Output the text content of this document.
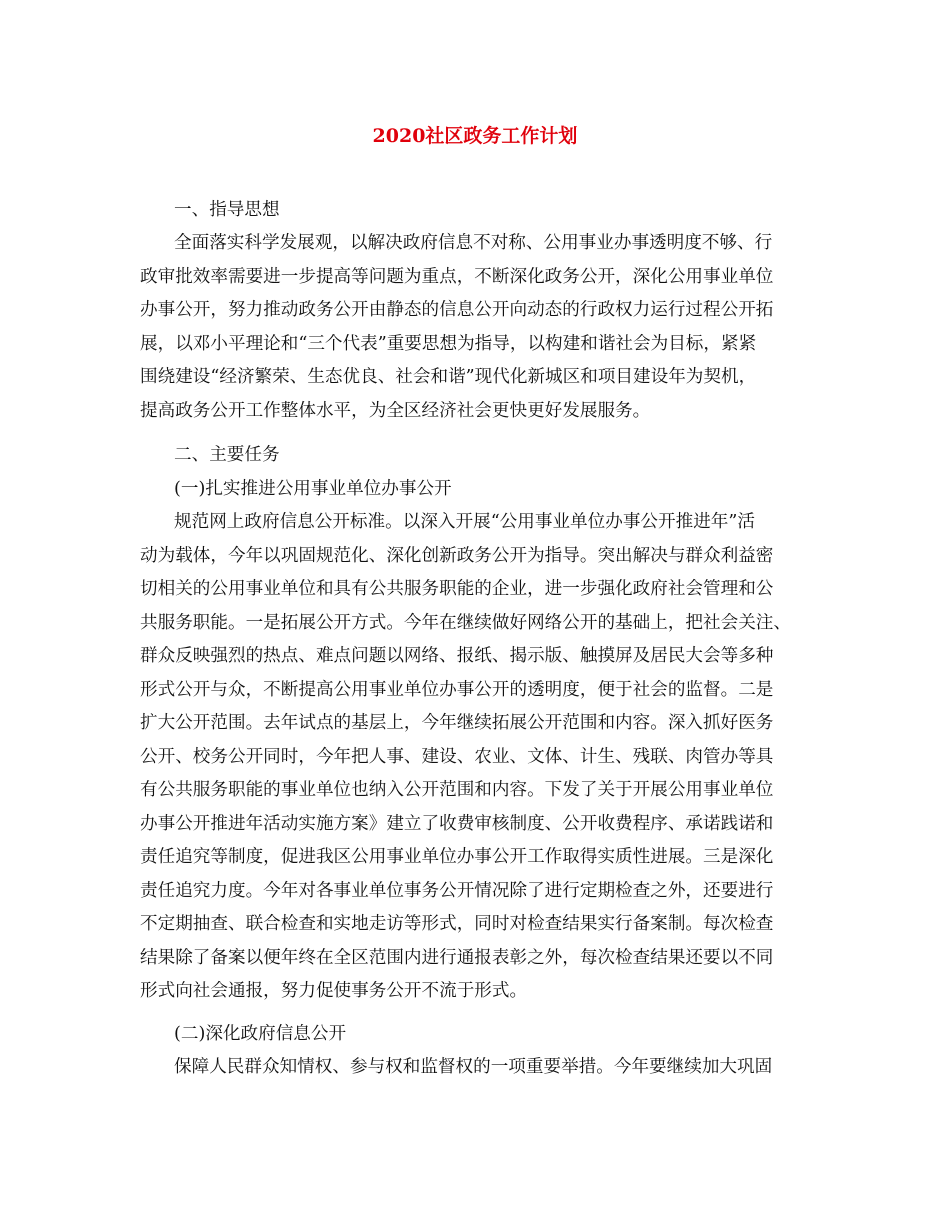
2020社区政务工作计划

一、指导思想

全面落实科学发展观，以解决政府信息不对称、公用事业办事透明度不够、行

政审批效率需要进一步提高等问题为重点，不断深化政务公开，深化公用事业单位

办事公开，努力推动政务公开由静态的信息公开向动态的行政权力运行过程公开拓

展，以邓小平理论和“三个代表”重要思想为指导，以构建和谐社会为目标，紧紧

围绕建设“经济繁荣、生态优良、社会和谐”现代化新城区和项目建设年为契机，

提高政务公开工作整体水平，为全区经济社会更快更好发展服务。

二、主要任务

(一)扎实推进公用事业单位办事公开

规范网上政府信息公开标准。以深入开展“公用事业单位办事公开推进年”活

动为载体，今年以巩固规范化、深化创新政务公开为指导。突出解决与群众利益密

切相关的公用事业单位和具有公共服务职能的企业，进一步强化政府社会管理和公

共服务职能。一是拓展公开方式。今年在继续做好网络公开的基础上，把社会关注、

群众反映强烈的热点、难点问题以网络、报纸、揭示版、触摸屏及居民大会等多种

形式公开与众，不断提高公用事业单位办事公开的透明度，便于社会的监督。二是

扩大公开范围。去年试点的基层上，今年继续拓展公开范围和内容。深入抓好医务

公开、校务公开同时，今年把人事、建设、农业、文体、计生、残联、肉管办等具

有公共服务职能的事业单位也纳入公开范围和内容。下发了关于开展公用事业单位

办事公开推进年活动实施方案》建立了收费审核制度、公开收费程序、承诺践诺和

责任追究等制度，促进我区公用事业单位办事公开工作取得实质性进展。三是深化

责任追究力度。今年对各事业单位事务公开情况除了进行定期检查之外，还要进行

不定期抽查、联合检查和实地走访等形式，同时对检查结果实行备案制。每次检查

结果除了备案以便年终在全区范围内进行通报表彰之外，每次检查结果还要以不同

形式向社会通报，努力促使事务公开不流于形式。

(二)深化政府信息公开

保障人民群众知情权、参与权和监督权的一项重要举措。今年要继续加大巩固
